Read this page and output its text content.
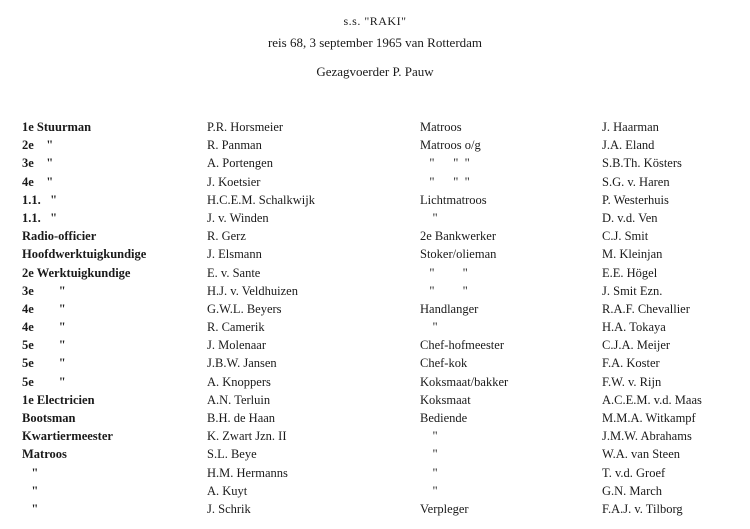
s.s. "RAKI"
reis 68, 3 september 1965 van Rotterdam
Gezagvoerder P. Pauw
1e Stuurman
2e    "
3e    "
4e    "
1.1.   "
1.1.   "
Radio-officier
Hoofdwerktuigkundige
2e Werktuigkundige
3e        "
4e        "
4e        "
5e        "
5e        "
5e        "
1e Electricien
Bootsman
Kwartiermeester
Matroos
"
"
"
P.R. Horsmeier
R. Panman
A. Portengen
J. Koetsier
H.C.E.M. Schalkwijk
J. v. Winden
R. Gerz
J. Elsmann
E. v. Sante
H.J. v. Veldhuizen
G.W.L. Beyers
R. Camerik
J. Molenaar
J.B.W. Jansen
A. Knoppers
A.N. Terluin
B.H. de Haan
K. Zwart Jzn. II
S.L. Beye
H.M. Hermanns
A. Kuyt
J. Schrik
Matroos
Matroos o/g
"      "  "
"      "  "
Lichtmatroos
"
2e Bankwerker
Stoker/olieman
"         "
"         "
Handlanger
"
Chef-hofmeester
Chef-kok
Koksmaat/bakker
Koksmaat
Bediende
"
"
"
"
Verpleger
J. Haarman
J.A. Eland
S.B.Th. Kösters
S.G. v. Haren
P. Westerhuis
D. v.d. Ven
C.J. Smit
M. Kleinjan
E.E. Högel
J. Smit Ezn.
R.A.F. Chevallier
H.A. Tokaya
C.J.A. Meijer
F.A. Koster
F.W. v. Rijn
A.C.E.M. v.d. Maas
M.M.A. Witkampf
J.M.W. Abrahams
W.A. van Steen
T. v.d. Groef
G.N. March
F.A.J. v. Tilborg
